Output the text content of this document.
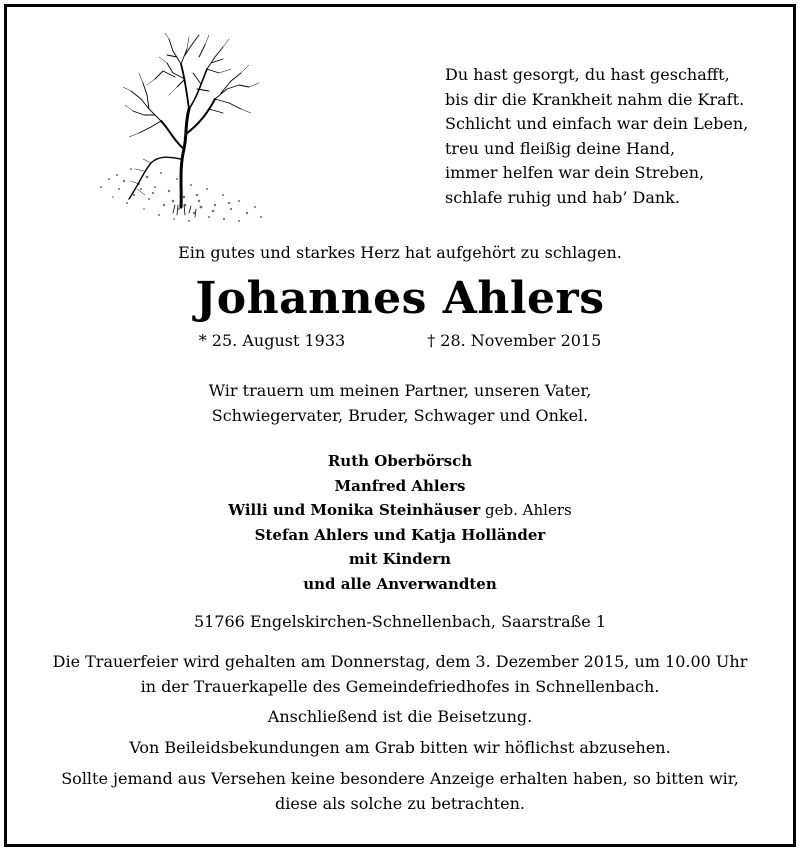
Du hast gesorgt, du hast geschafft,
bis dir die Krankheit nahm die Kraft.
Schlicht und einfach war dein Leben,
treu und fleißig deine Hand,
immer helfen war dein Streben,
schlafe ruhig und hab’ Dank.
Ein gutes und starkes Herz hat aufgehört zu schlagen.
Johannes Ahlers
* 25. August 1933	† 28. November 2015
Wir trauern um meinen Partner, unseren Vater,
Schwiegervater, Bruder, Schwager und Onkel.
Ruth Oberbörsch
Manfred Ahlers
Willi und Monika Steinhäuser geb. Ahlers
Stefan Ahlers und Katja Holländer
mit Kindern
und alle Anverwandten
51766 Engelskirchen-Schnellenbach, Saarstraße 1
Die Trauerfeier wird gehalten am Donnerstag, dem 3. Dezember 2015, um 10.00 Uhr
in der Trauerkapelle des Gemeindefriedhofes in Schnellenbach.
Anschließend ist die Beisetzung.
Von Beileidsbekundungen am Grab bitten wir höflichst abzusehen.
Sollte jemand aus Versehen keine besondere Anzeige erhalten haben, so bitten wir,
diese als solche zu betrachten.
